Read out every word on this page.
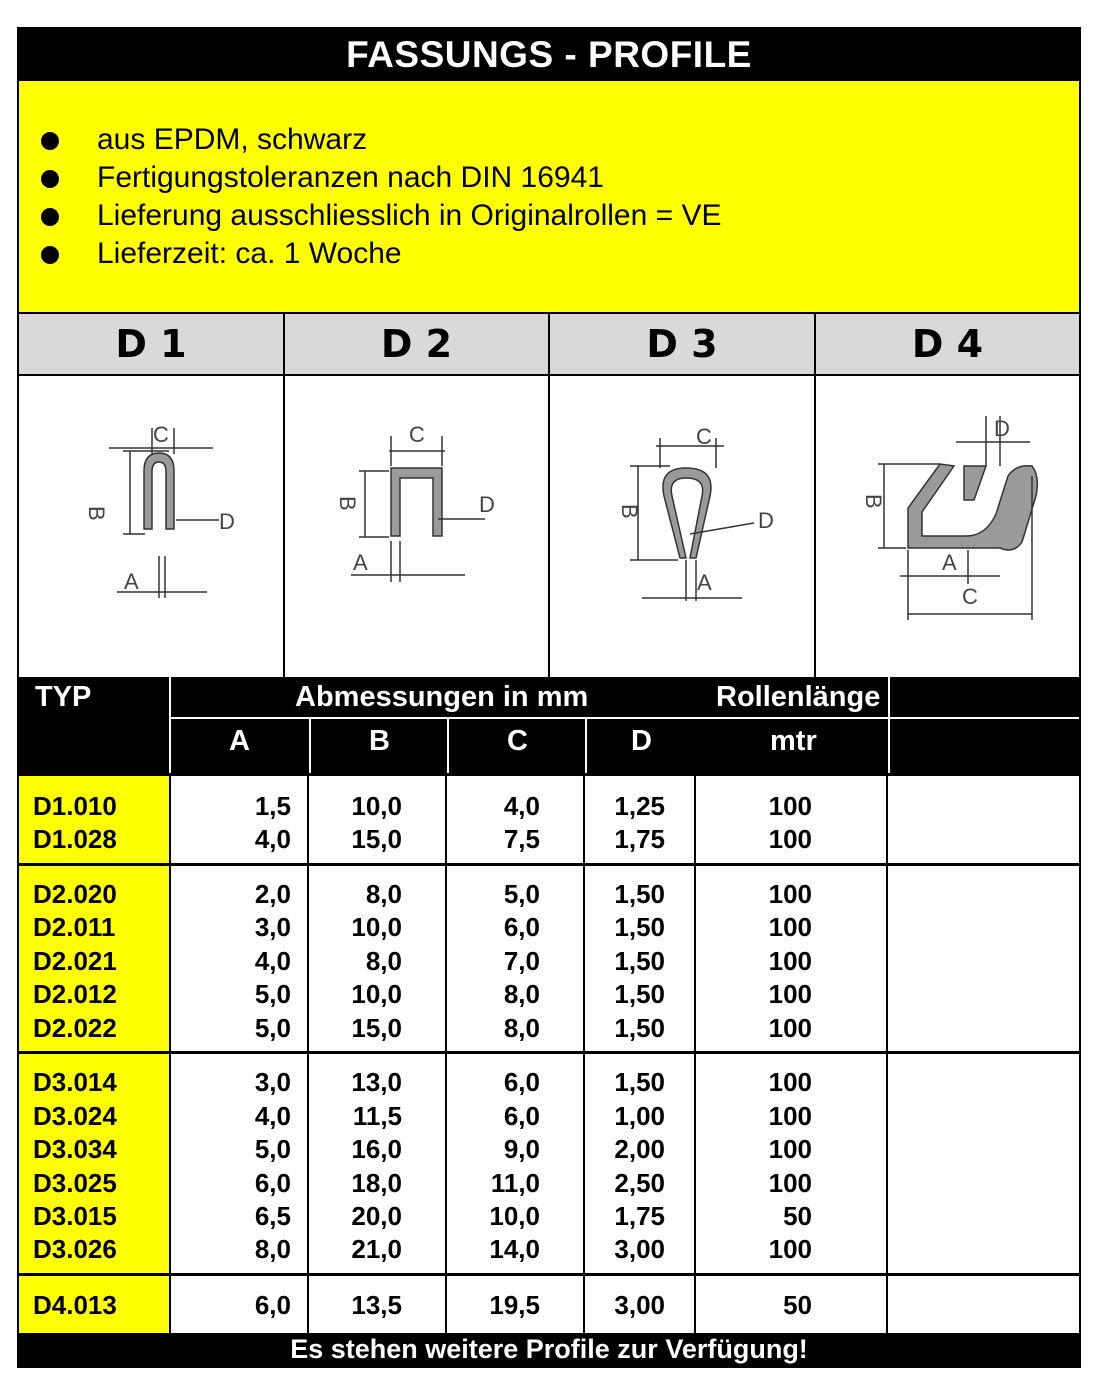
FASSUNGS - PROFILE
aus EPDM, schwarz
Fertigungstoleranzen nach DIN 16941
Lieferung ausschliesslich in Originalrollen = VE
Lieferzeit: ca. 1 Woche
D 1	D 2	D 3	D 4
C
B	D
A
C
B	D
A
C
B	D
A
D
B
A
C
TYP	Abmessungen in mm	Rollenlänge
A	B	C	D	mtr
D1.010	1,5	10,0	4,0	1,25	100
D1.028	4,0	15,0	7,5	1,75	100
D2.020	2,0	8,0	5,0	1,50	100
D2.011	3,0	10,0	6,0	1,50	100
D2.021	4,0	8,0	7,0	1,50	100
D2.012	5,0	10,0	8,0	1,50	100
D2.022	5,0	15,0	8,0	1,50	100
D3.014	3,0	13,0	6,0	1,50	100
D3.024	4,0	11,5	6,0	1,00	100
D3.034	5,0	16,0	9,0	2,00	100
D3.025	6,0	18,0	11,0	2,50	100
D3.015	6,5	20,0	10,0	1,75	50
D3.026	8,0	21,0	14,0	3,00	100
D4.013	6,0	13,5	19,5	3,00	50
Es stehen weitere Profile zur Verfügung!
